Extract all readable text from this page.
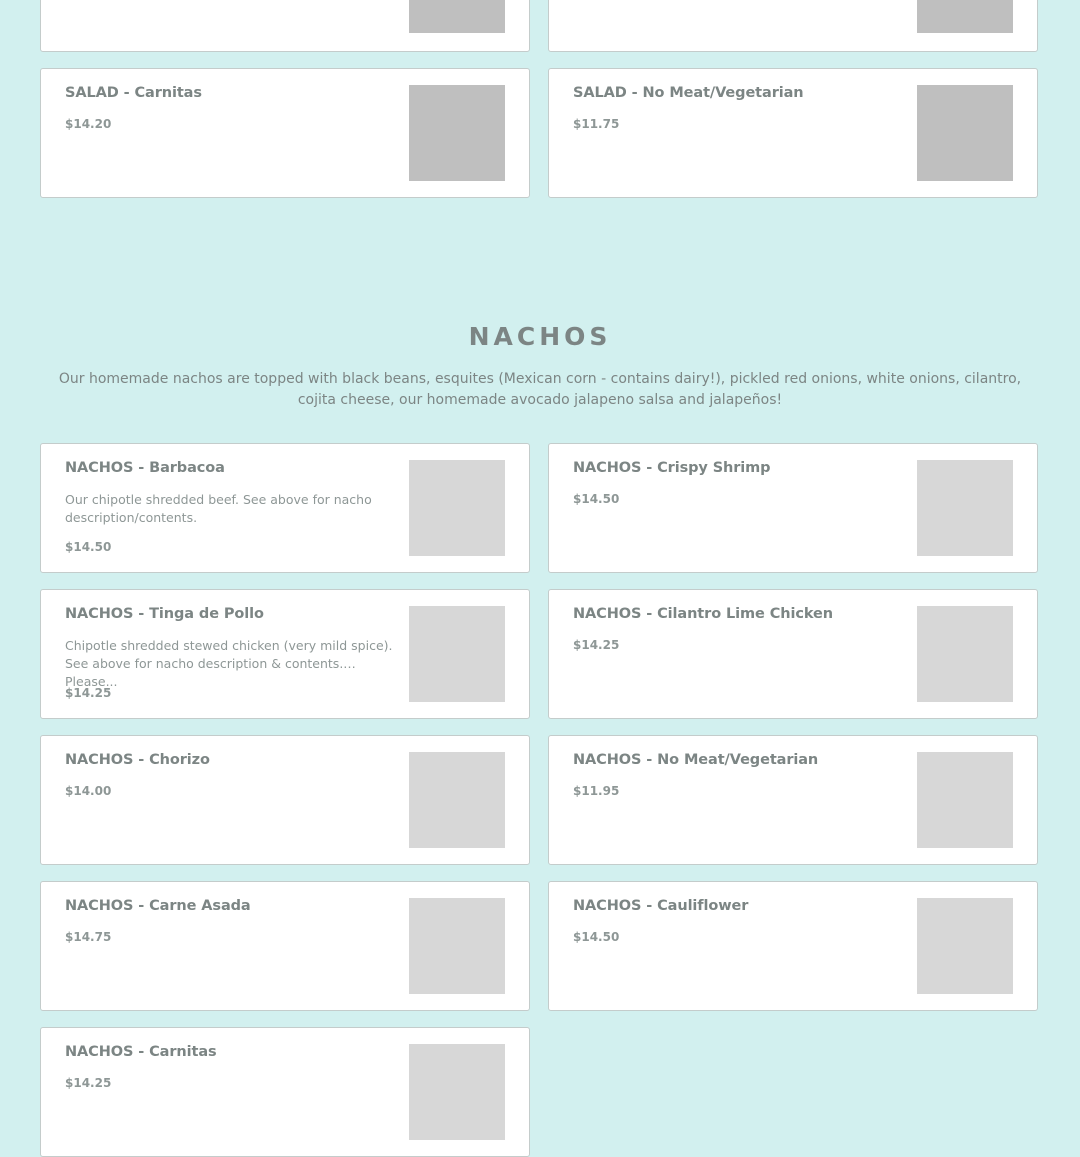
SALAD - Carnitas
$14.20
SALAD - No Meat/Vegetarian
$11.75
NACHOS
Our homemade nachos are topped with black beans, esquites (Mexican corn - contains dairy!), pickled red onions, white onions, cilantro, cojita cheese, our homemade avocado jalapeno salsa and jalapeños!
NACHOS - Barbacoa
Our chipotle shredded beef. See above for nacho description/contents.
$14.50
NACHOS - Crispy Shrimp
$14.50
NACHOS - Tinga de Pollo
Chipotle shredded stewed chicken (very mild spice). See above for nacho description & contents. Please...
$14.25
NACHOS - Cilantro Lime Chicken
$14.25
NACHOS - Chorizo
$14.00
NACHOS - No Meat/Vegetarian
$11.95
NACHOS - Carne Asada
$14.75
NACHOS - Cauliflower
$14.50
NACHOS - Carnitas
$14.25
